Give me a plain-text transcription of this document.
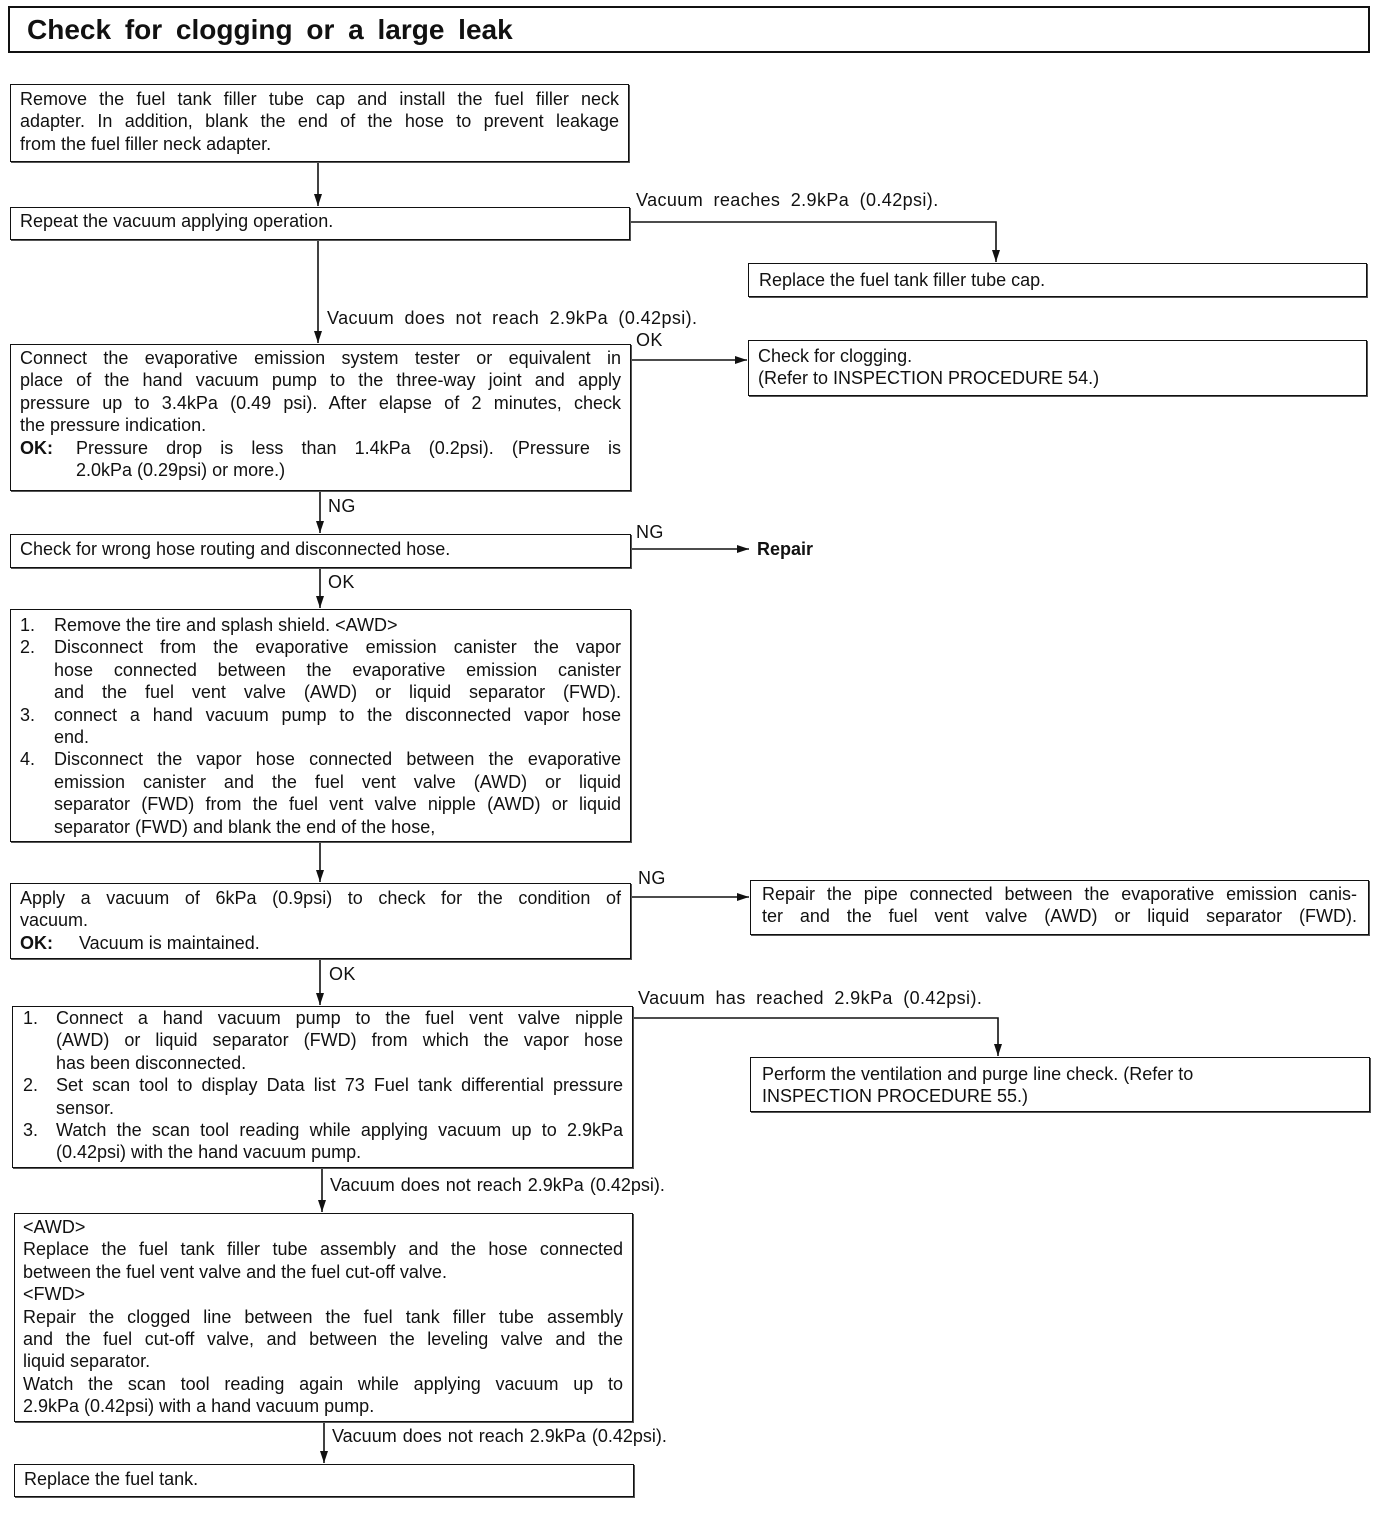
Check for clogging or a large leak
Remove the fuel tank filler tube cap and install the fuel filler neck
adapter. In addition, blank the end of the hose to prevent leakage
from the fuel filler neck adapter.
Repeat the vacuum applying operation.
Replace the fuel tank filler tube cap.
Connect the evaporative emission system tester or equivalent in
place of the hand vacuum pump to the three-way joint and apply
pressure up to 3.4kPa (0.49 psi). After elapse of 2 minutes, check
the pressure indication.
OK:	Pressure drop is less than 1.4kPa (0.2psi). (Pressure is
2.0kPa (0.29psi) or more.)
Check for clogging.
(Refer to INSPECTION PROCEDURE 54.)
Check for wrong hose routing and disconnected hose.
1.	Remove the tire and splash shield. <AWD>
2.	Disconnect from the evaporative emission canister the vapor
hose connected between the evaporative emission canister
and the fuel vent valve (AWD) or liquid separator (FWD).
3.	connect a hand vacuum pump to the disconnected vapor hose
end.
4.	Disconnect the vapor hose connected between the evaporative
emission canister and the fuel vent valve (AWD) or liquid
separator (FWD) from the fuel vent valve nipple (AWD) or liquid
separator (FWD) and blank the end of the hose,
Apply a vacuum of 6kPa (0.9psi) to check for the condition of
vacuum.
OK:	Vacuum is maintained.
Repair the pipe connected between the evaporative emission canis-
ter and the fuel vent valve (AWD) or liquid separator (FWD).
1. Connect a hand vacuum pump to the fuel vent valve nipple
(AWD) or liquid separator (FWD) from which the vapor hose
has been disconnected.
2. Set scan tool to display Data list 73 Fuel tank differential pressure
sensor.
3. Watch the scan tool reading while applying vacuum up to 2.9kPa
(0.42psi) with the hand vacuum pump.
Perform the ventilation and purge line check. (Refer to
INSPECTION PROCEDURE 55.)
<AWD>
Replace the fuel tank filler tube assembly and the hose connected
between the fuel vent valve and the fuel cut-off valve.
<FWD>
Repair the clogged line between the fuel tank filler tube assembly
and the fuel cut-off valve, and between the leveling valve and the
liquid separator.
Watch the scan tool reading again while applying vacuum up to
2.9kPa (0.42psi) with a hand vacuum pump.
Replace the fuel tank.
Vacuum reaches 2.9kPa (0.42psi).
Vacuum does not reach 2.9kPa (0.42psi).
OK
NG
NG
Repair
OK
NG
OK
Vacuum has reached 2.9kPa (0.42psi).
Vacuum does not reach 2.9kPa (0.42psi).
Vacuum does not reach 2.9kPa (0.42psi).
